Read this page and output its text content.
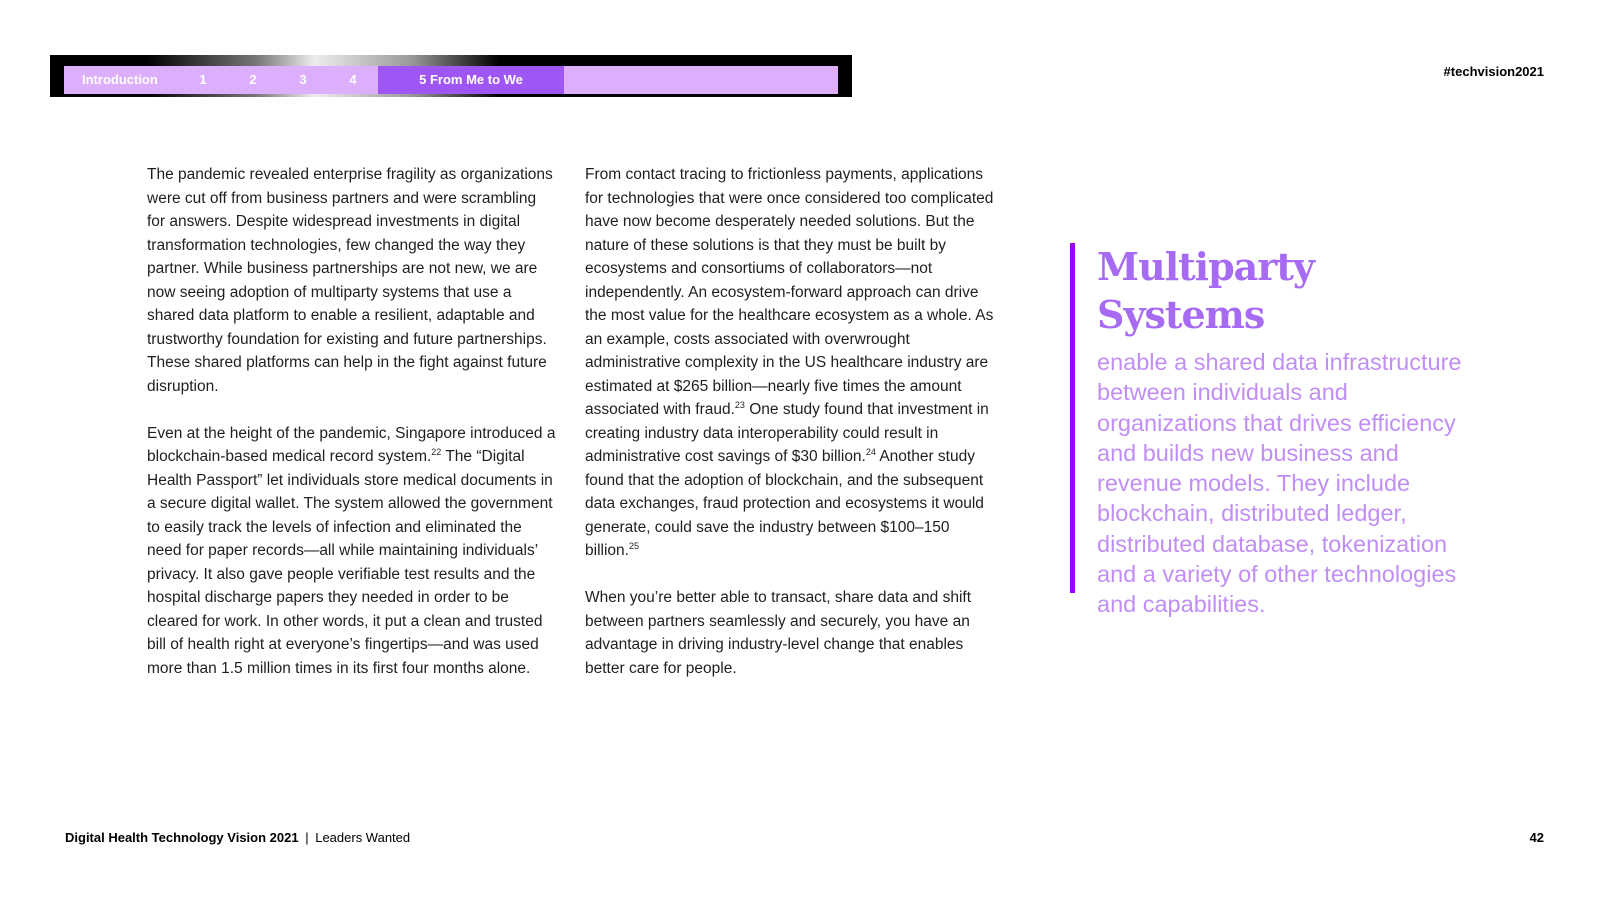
Introduction	1	2	3	4	5 From Me to We
#techvision2021

The pandemic revealed enterprise fragility as organizations were cut off from business partners and were scrambling for answers. Despite widespread investments in digital transformation technologies, few changed the way they partner. While business partnerships are not new, we are now seeing adoption of multiparty systems that use a shared data platform to enable a resilient, adaptable and trustworthy foundation for existing and future partnerships. These shared platforms can help in the fight against future disruption.

Even at the height of the pandemic, Singapore introduced a blockchain-based medical record system.$^{22}$ The “Digital Health Passport” let individuals store medical documents in a secure digital wallet. The system allowed the government to easily track the levels of infection and eliminated the need for paper records—all while maintaining individuals’ privacy. It also gave people verifiable test results and the hospital discharge papers they needed in order to be cleared for work. In other words, it put a clean and trusted bill of health right at everyone’s fingertips—and was used more than 1.5 million times in its first four months alone.

From contact tracing to frictionless payments, applications for technologies that were once considered too complicated have now become desperately needed solutions. But the nature of these solutions is that they must be built by ecosystems and consortiums of collaborators—not independently. An ecosystem-forward approach can drive the most value for the healthcare ecosystem as a whole. As an example, costs associated with overwrought administrative complexity in the US healthcare industry are estimated at $265 billion—nearly five times the amount associated with fraud.$^{23}$ One study found that investment in creating industry data interoperability could result in administrative cost savings of $30 billion.$^{24}$ Another study found that the adoption of blockchain, and the subsequent data exchanges, fraud protection and ecosystems it would generate, could save the industry between $100–150 billion.$^{25}$

When you’re better able to transact, share data and shift between partners seamlessly and securely, you have an advantage in driving industry-level change that enables better care for people.

Multiparty Systems

enable a shared data infrastructure between individuals and organizations that drives efficiency and builds new business and revenue models. They include blockchain, distributed ledger, distributed database, tokenization and a variety of other technologies and capabilities.

Digital Health Technology Vision 2021 | Leaders Wanted	42
